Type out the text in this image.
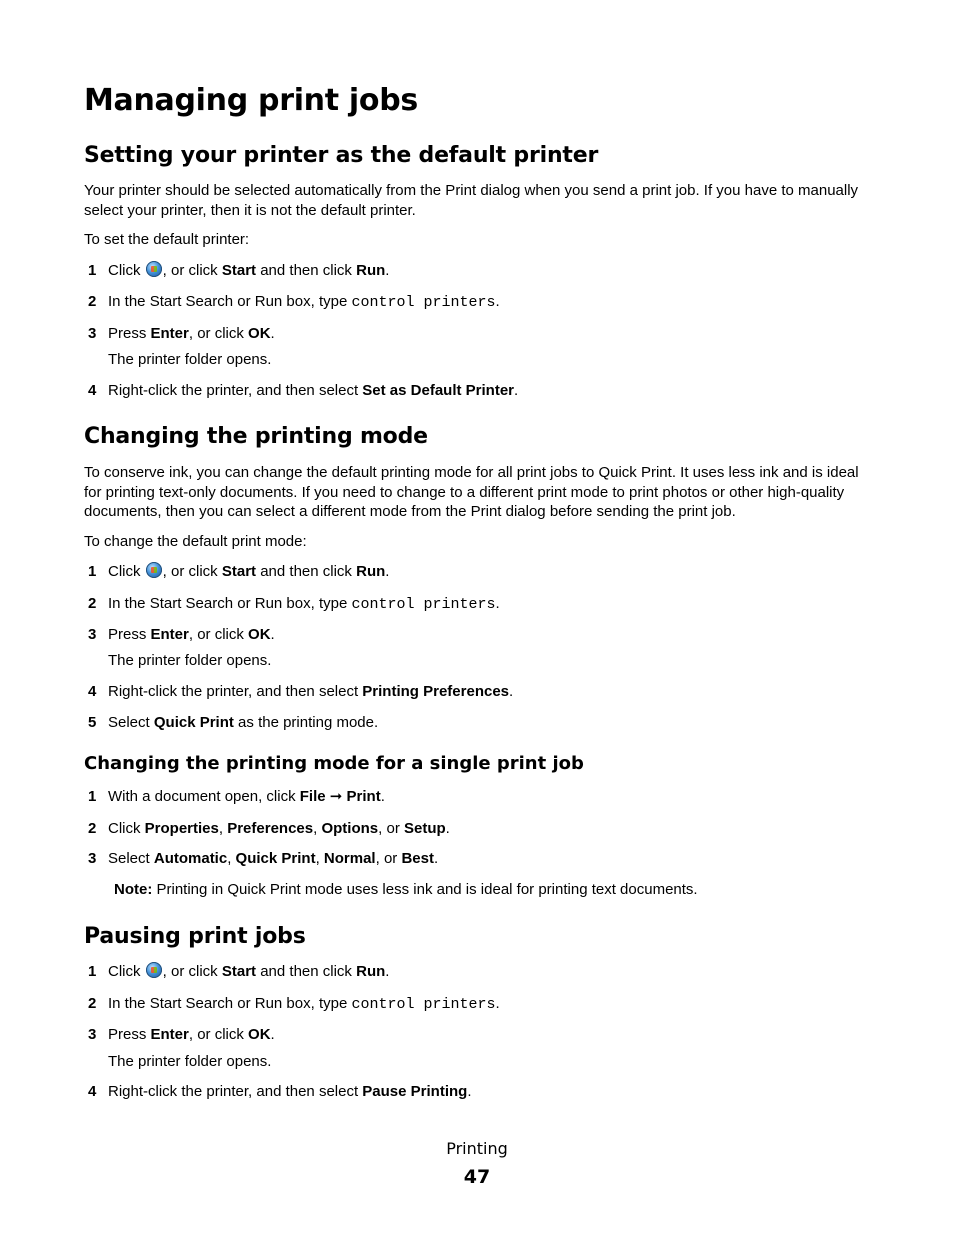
Managing print jobs
Setting your printer as the default printer

Your printer should be selected automatically from the Print dialog when you send a print job. If you have to manually select your printer, then it is not the default printer.

To set the default printer:

1 Click , or click Start and then click Run.
2 In the Start Search or Run box, type control printers.
3 Press Enter, or click OK.
The printer folder opens.
4 Right-click the printer, and then select Set as Default Printer.
Changing the printing mode

To conserve ink, you can change the default printing mode for all print jobs to Quick Print. It uses less ink and is ideal for printing text-only documents. If you need to change to a different print mode to print photos or other high-quality documents, then you can select a different mode from the Print dialog before sending the print job.

To change the default print mode:

1 Click , or click Start and then click Run.
2 In the Start Search or Run box, type control printers.
3 Press Enter, or click OK.
The printer folder opens.
4 Right-click the printer, and then select Printing Preferences.
5 Select Quick Print as the printing mode.
Changing the printing mode for a single print job
1 With a document open, click File ➞ Print.
2 Click Properties, Preferences, Options, or Setup.
3 Select Automatic, Quick Print, Normal, or Best.
Note: Printing in Quick Print mode uses less ink and is ideal for printing text documents.
Pausing print jobs
1 Click , or click Start and then click Run.
2 In the Start Search or Run box, type control printers.
3 Press Enter, or click OK.
The printer folder opens.
4 Right-click the printer, and then select Pause Printing.
Printing
47
